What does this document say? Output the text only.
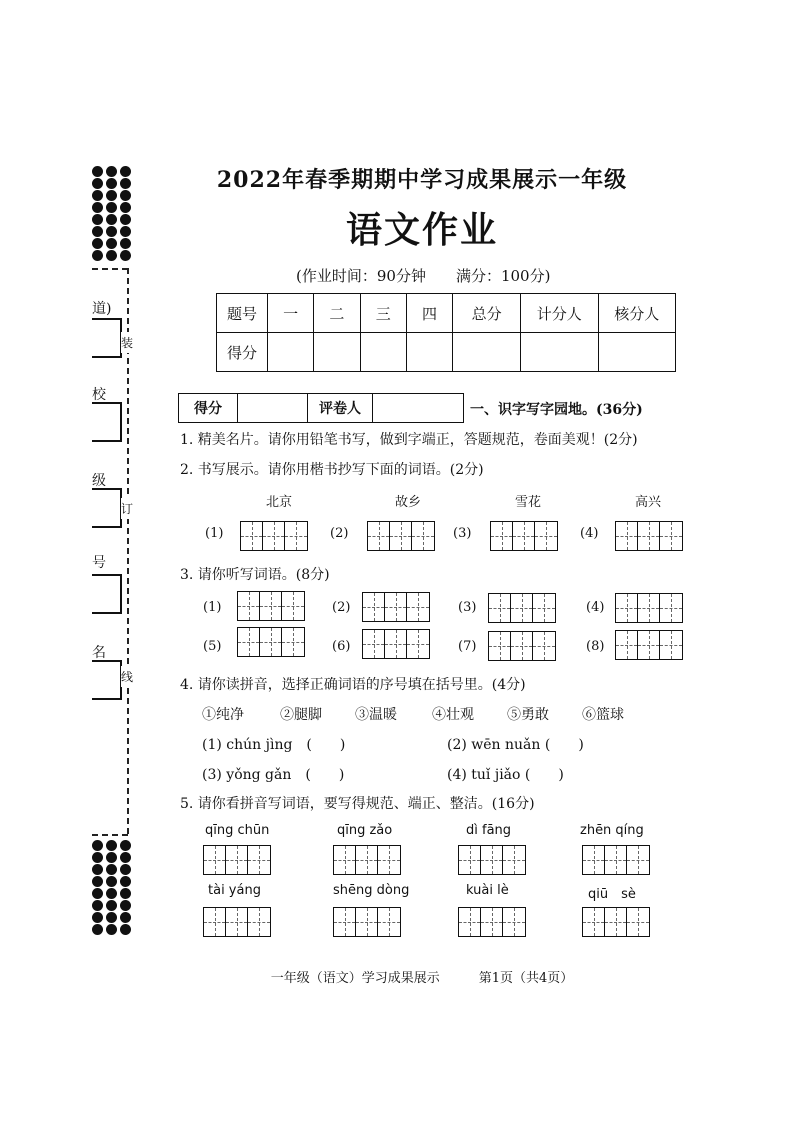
道)
校
级
号
名
装
订
线
2022年春季期期中学习成果展示一年级
语文作业
(作业时间：90分钟　　满分：100分)
题号	一	二	三	四	总分	计分人	核分人
得分							
得分		评卷人		一、识字写字园地。(36分)
1. 精美名片。请你用铅笔书写，做到字端正，答题规范，卷面美观！(2分)
2. 书写展示。请你用楷书抄写下面的词语。(2分)
北京	故乡	雪花	高兴
(1)	(2)	(3)	(4)
3. 请你听写词语。(8分)
(1)	(2)	(3)	(4)
(5)	(6)	(7)	(8)
4. 请你读拼音，选择正确词语的序号填在括号里。(4分)
①纯净	②腿脚 ③温暖	④壮观 ⑤勇敢 ⑥篮球
(1) chún jìng　(　　)	(2) wēn nuǎn (　　)
(3) yǒng gǎn　(　　)	(4) tuǐ jiǎo (　　)
5. 请你看拼音写词语，要写得规范、端正、整洁。(16分)
qīng chūn	qīng zǎo	dì fāng	zhēn qíng
tài yáng	shēng dòng	kuài lè	qiū　sè
一年级（语文）学习成果展示　　　第1页（共4页）
